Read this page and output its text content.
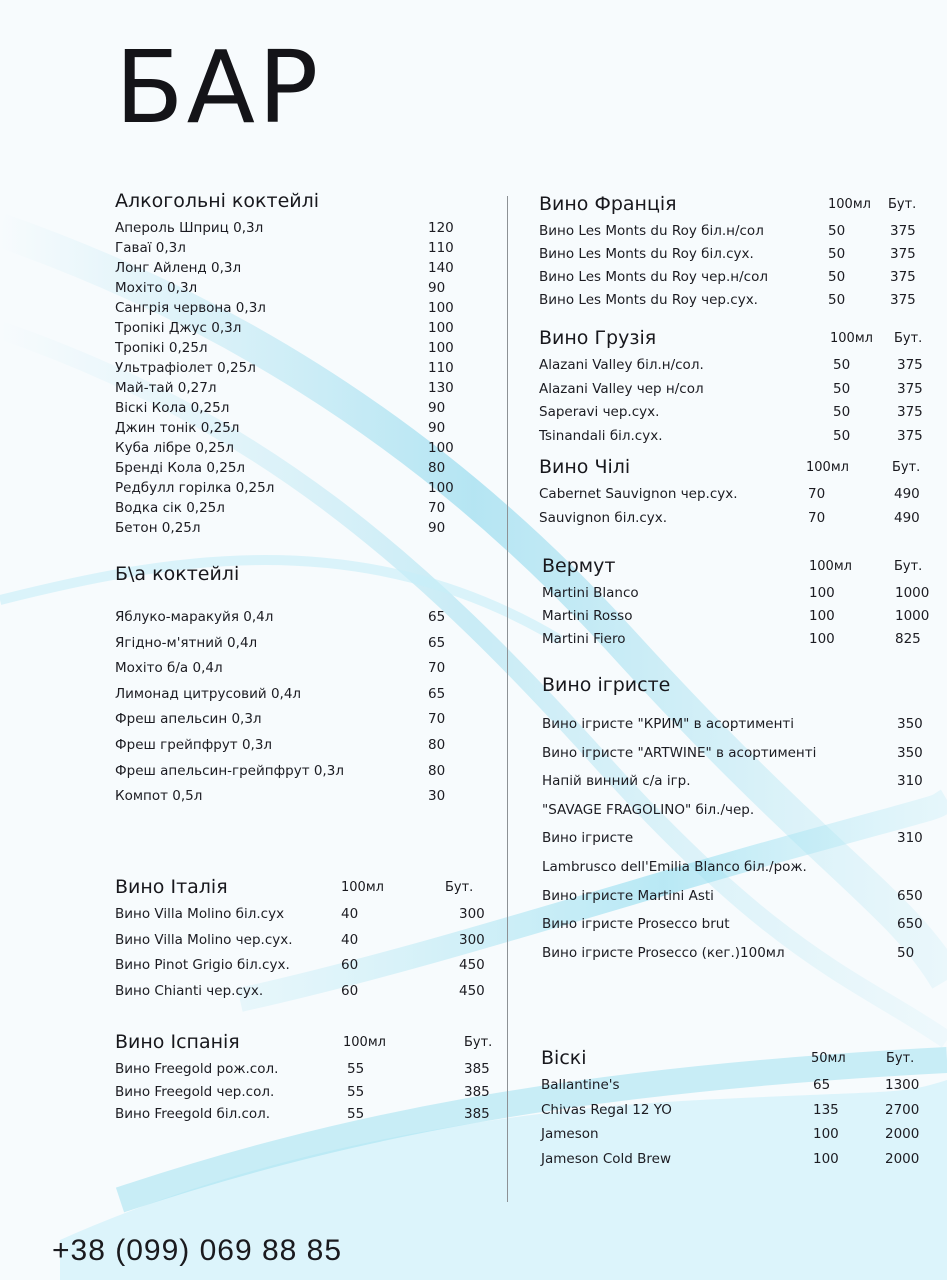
БАР
+38 (099) 069 88 85
Алкогольні коктейлі
Апероль Шприц 0,3л	120
Гаваї 0,3л	110
Лонг Айленд 0,3л	140
Мохіто 0,3л	90
Сангрія червона 0,3л	100
Тропікі Джус 0,3л	100
Тропікі 0,25л	100
Ультрафіолет 0,25л	110
Май-тай 0,27л	130
Віскі Кола 0,25л	90
Джин тонік 0,25л	90
Куба лібре 0,25л	100
Бренді Кола 0,25л	80
Редбулл горілка 0,25л	100
Водка сік 0,25л	70
Бетон 0,25л	90
Б\а коктейлі
Яблуко-маракуйя 0,4л	65
Ягідно-м'ятний 0,4л	65
Мохіто б/а 0,4л	70
Лимонад цитрусовий 0,4л	65
Фреш апельсин 0,3л	70
Фреш грейпфрут 0,3л	80
Фреш апельсин-грейпфрут 0,3л	80
Компот 0,5л	30
Вино Італія	100мл	Бут.
Вино Villa Molino біл.сух	40	300
Вино Villa Molino чер.сух.	40	300
Вино Pinot Grigio біл.сух.	60	450
Вино Chianti чер.сух.	60	450
Вино Іспанія	100мл	Бут.
Вино Freegold рож.сол.	55	385
Вино Freegold чер.сол.	55	385
Вино Freegold біл.сол.	55	385
Вино Франція	100мл Бут.
Вино Les Monts du Roy біл.н/сол	50	375
Вино Les Monts du Roy біл.сух.	50	375
Вино Les Monts du Roy чер.н/сол	50	375
Вино Les Monts du Roy чер.сух.	50	375
Вино Грузія	100мл Бут.
Alazani Valley біл.н/сол.	50	375
Alazani Valley чер н/сол	50	375
Saperavi чер.сух.	50	375
Tsinandali біл.сух.	50	375
Вино Чілі	100мл	Бут.
Cabernet Sauvignon чер.сух.	70	490
Sauvignon біл.сух.	70	490
Вермут	100мл	Бут.
Martini Blanco	100	1000
Martini Rosso	100	1000
Martini Fiero	100	825
Вино ігристе
Вино ігристе "КРИМ" в асортименті	350
Вино ігристе "ARTWINE" в асортименті	350
Напій винний с/а ігр.	310
"SAVAGE FRAGOLINO" біл./чер.
Вино ігристе	310
Lambrusco dell'Emilia Blanco біл./рож.
Вино ігристе Martini Asti	650
Вино ігристе Prosecco brut	650
Вино ігристе Prosecco (кег.)100мл	50
Віскі	50мл	Бут.
Ballantine's	65	1300
Chivas Regal 12 YO	135	2700
Jameson	100	2000
Jameson Cold Brew	100	2000
